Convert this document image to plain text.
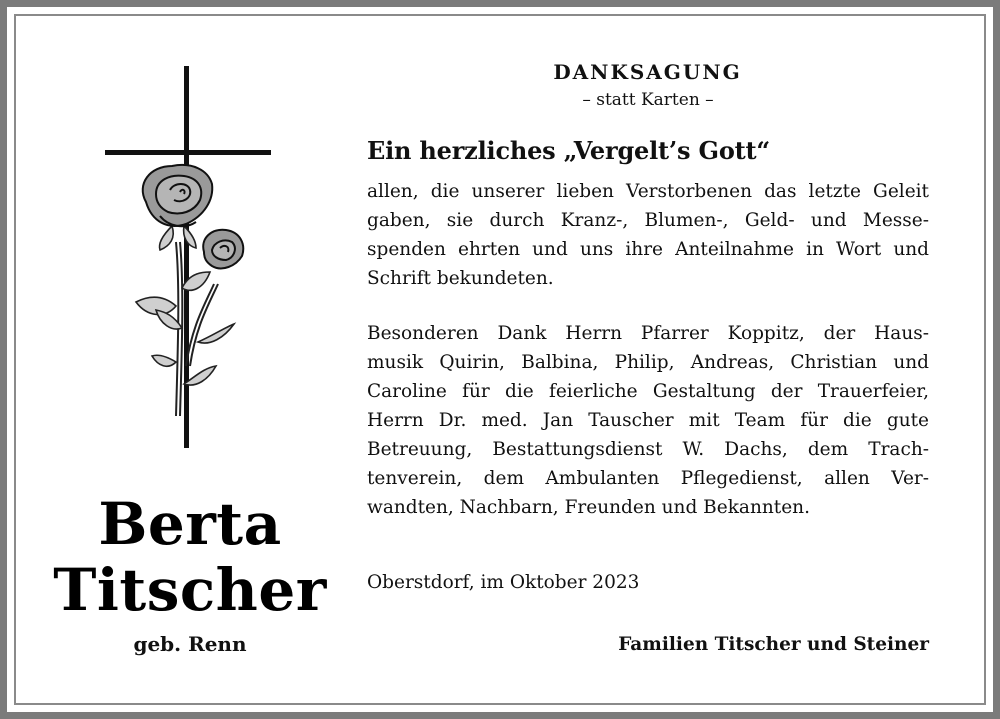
Berta
Titscher
geb. Renn
DANKSAGUNG
– statt Karten –
Ein herzliches „Vergelt’s Gott“

allen, die unserer lieben Verstorbenen das letzte Geleit
gaben, sie durch Kranz-, Blumen-, Geld- und Messe-
spenden ehrten und uns ihre Anteilnahme in Wort und
Schrift bekundeten.

Besonderen Dank Herrn Pfarrer Koppitz, der Haus-
musik Quirin, Balbina, Philip, Andreas, Christian und
Caroline für die feierliche Gestaltung der Trauerfeier,
Herrn Dr. med. Jan Tauscher mit Team für die gute
Betreuung, Bestattungsdienst W. Dachs, dem Trach-
tenverein, dem Ambulanten Pflegedienst, allen Ver-
wandten, Nachbarn, Freunden und Bekannten.

Oberstdorf, im Oktober 2023
Familien Titscher und Steiner
